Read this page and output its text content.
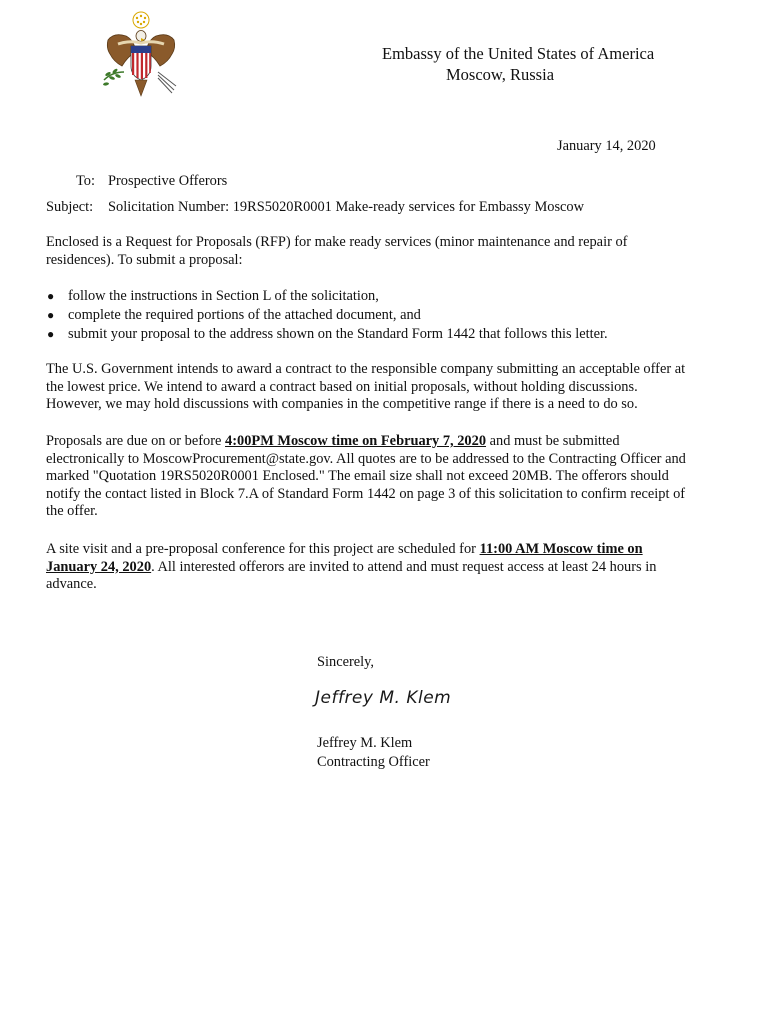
Embassy of the United States of America
Moscow, Russia
January 14, 2020
To: Prospective Offerors
Subject: Solicitation Number: 19RS5020R0001 Make-ready services for Embassy Moscow
Enclosed is a Request for Proposals (RFP) for make ready services (minor maintenance and repair of
residences). To submit a proposal:
● follow the instructions in Section L of the solicitation,
● complete the required portions of the attached document, and
● submit your proposal to the address shown on the Standard Form 1442 that follows this letter.
The U.S. Government intends to award a contract to the responsible company submitting an acceptable offer at
the lowest price. We intend to award a contract based on initial proposals, without holding discussions.
However, we may hold discussions with companies in the competitive range if there is a need to do so.
Proposals are due on or before 4:00PM Moscow time on February 7, 2020 and must be submitted
electronically to MoscowProcurement@state.gov. All quotes are to be addressed to the Contracting Officer and
marked "Quotation 19RS5020R0001 Enclosed." The email size shall not exceed 20MB. The offerors should
notify the contact listed in Block 7.A of Standard Form 1442 on page 3 of this solicitation to confirm receipt of
the offer.
A site visit and a pre-proposal conference for this project are scheduled for 11:00 AM Moscow time on
January 24, 2020. All interested offerors are invited to attend and must request access at least 24 hours in
advance.
Sincerely,
Jeffrey M. Klem
Jeffrey M. Klem
Contracting Officer
